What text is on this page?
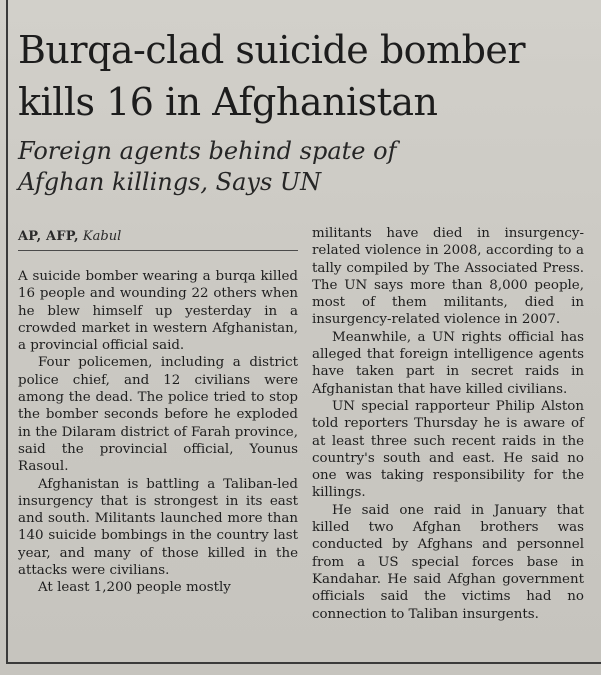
Burqa-clad suicide bomber
kills 16 in Afghanistan
Foreign agents behind spate of
Afghan killings, Says UN
AP, AFP, Kabul

A suicide bomber wearing a burqa killed 16 people and wounding 22 others when he blew himself up yesterday in a crowded market in western Afghanistan, a provincial official said.

Four policemen, including a district police chief, and 12 civilians were among the dead. The police tried to stop the bomber seconds before he exploded in the Dilaram district of Farah province, said the provincial official, Younus Rasoul.

Afghanistan is battling a Taliban-led insurgency that is strongest in its east and south. Militants launched more than 140 suicide bombings in the country last year, and many of those killed in the attacks were civilians.

At least 1,200 people mostly

militants have died in insurgency-related violence in 2008, according to a tally compiled by The Associated Press. The UN says more than 8,000 people, most of them militants, died in insurgency-related violence in 2007.

Meanwhile, a UN rights official has alleged that foreign intelligence agents have taken part in secret raids in Afghanistan that have killed civilians.

UN special rapporteur Philip Alston told reporters Thursday he is aware of at least three such recent raids in the country's south and east. He said no one was taking responsibility for the killings.

He said one raid in January that killed two Afghan brothers was conducted by Afghans and personnel from a US special forces base in Kandahar. He said Afghan government officials said the victims had no connection to Taliban insurgents.
